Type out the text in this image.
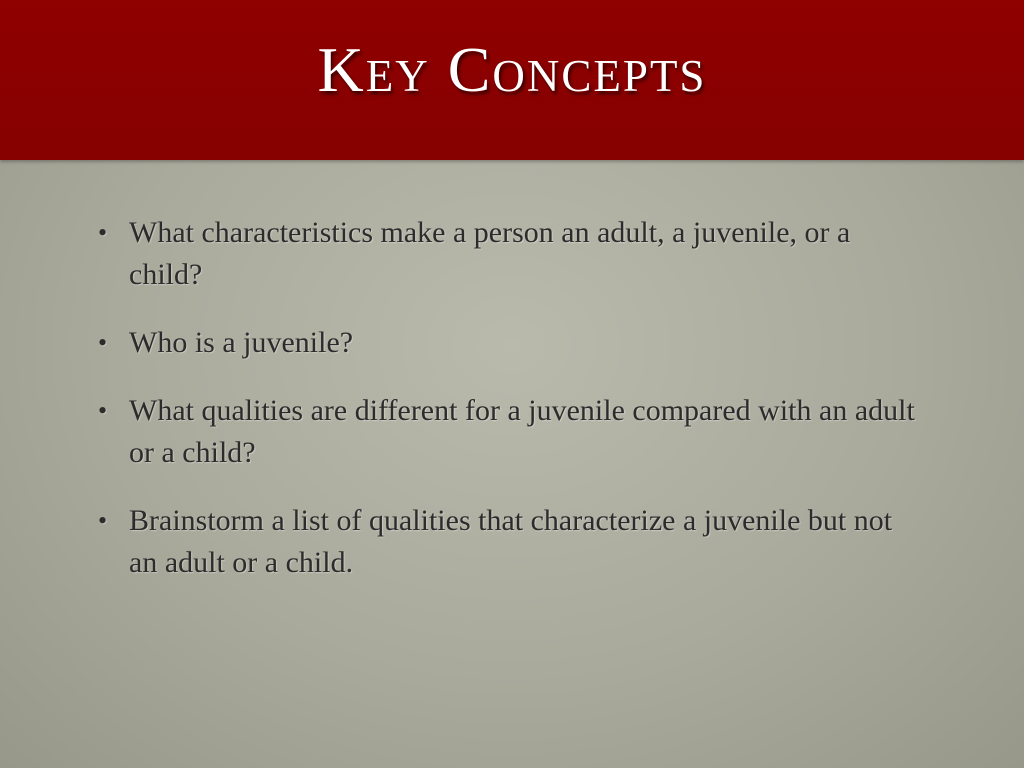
Key Concepts
• What characteristics make a person an adult, a juvenile, or a child?
• Who is a juvenile?
• What qualities are different for a juvenile compared with an adult or a child?
• Brainstorm a list of qualities that characterize a juvenile but not an adult or a child.
